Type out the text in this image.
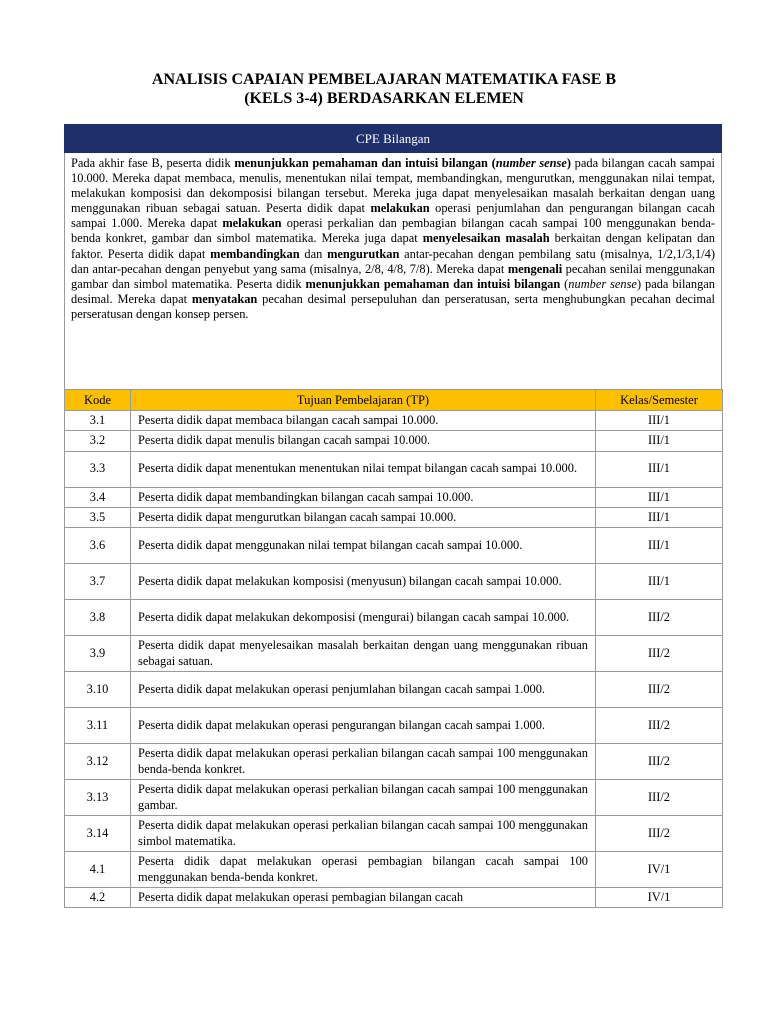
ANALISIS CAPAIAN PEMBELAJARAN MATEMATIKA FASE B
(KELS 3-4) BERDASARKAN ELEMEN
CPE Bilangan
Pada akhir fase B, peserta didik menunjukkan pemahaman dan intuisi bilangan (number sense) pada bilangan cacah sampai 10.000. Mereka dapat membaca, menulis, menentukan nilai tempat, membandingkan, mengurutkan, menggunakan nilai tempat, melakukan komposisi dan dekomposisi bilangan tersebut. Mereka juga dapat menyelesaikan masalah berkaitan dengan uang menggunakan ribuan sebagai satuan. Peserta didik dapat melakukan operasi penjumlahan dan pengurangan bilangan cacah sampai 1.000. Mereka dapat melakukan operasi perkalian dan pembagian bilangan cacah sampai 100 menggunakan benda-benda konkret, gambar dan simbol matematika. Mereka juga dapat menyelesaikan masalah berkaitan dengan kelipatan dan faktor. Peserta didik dapat membandingkan dan mengurutkan antar-pecahan dengan pembilang satu (misalnya, 1/2,1/3,1/4) dan antar-pecahan dengan penyebut yang sama (misalnya, 2/8, 4/8, 7/8). Mereka dapat mengenali pecahan senilai menggunakan gambar dan simbol matematika. Peserta didik menunjukkan pemahaman dan intuisi bilangan (number sense) pada bilangan desimal. Mereka dapat menyatakan pecahan desimal persepuluhan dan perseratusan, serta menghubungkan pecahan decimal perseratusan dengan konsep persen.
Kode	Tujuan Pembelajaran (TP)	Kelas/Semester
3.1	Peserta didik dapat membaca bilangan cacah sampai 10.000.	III/1
3.2	Peserta didik dapat menulis bilangan cacah sampai 10.000.	III/1
3.3	Peserta didik dapat menentukan menentukan nilai tempat bilangan cacah sampai 10.000.	III/1
3.4	Peserta didik dapat membandingkan bilangan cacah sampai 10.000.	III/1
3.5	Peserta didik dapat mengurutkan bilangan cacah sampai 10.000.	III/1
3.6	Peserta didik dapat menggunakan nilai tempat bilangan cacah sampai 10.000.	III/1
3.7	Peserta didik dapat melakukan komposisi (menyusun) bilangan cacah sampai 10.000.	III/1
3.8	Peserta didik dapat melakukan dekomposisi (mengurai) bilangan cacah sampai 10.000.	III/2
3.9	Peserta didik dapat menyelesaikan masalah berkaitan dengan uang menggunakan ribuan sebagai satuan.	III/2
3.10	Peserta didik dapat melakukan operasi penjumlahan bilangan cacah sampai 1.000.	III/2
3.11	Peserta didik dapat melakukan operasi pengurangan bilangan cacah sampai 1.000.	III/2
3.12	Peserta didik dapat melakukan operasi perkalian bilangan cacah sampai 100 menggunakan benda-benda konkret.	III/2
3.13	Peserta didik dapat melakukan operasi perkalian bilangan cacah sampai 100 menggunakan gambar.	III/2
3.14	Peserta didik dapat melakukan operasi perkalian bilangan cacah sampai 100 menggunakan simbol matematika.	III/2
4.1	Peserta didik dapat melakukan operasi pembagian bilangan cacah sampai 100 menggunakan benda-benda konkret.	IV/1
4.2	Peserta didik dapat melakukan operasi pembagian bilangan cacah	IV/1
